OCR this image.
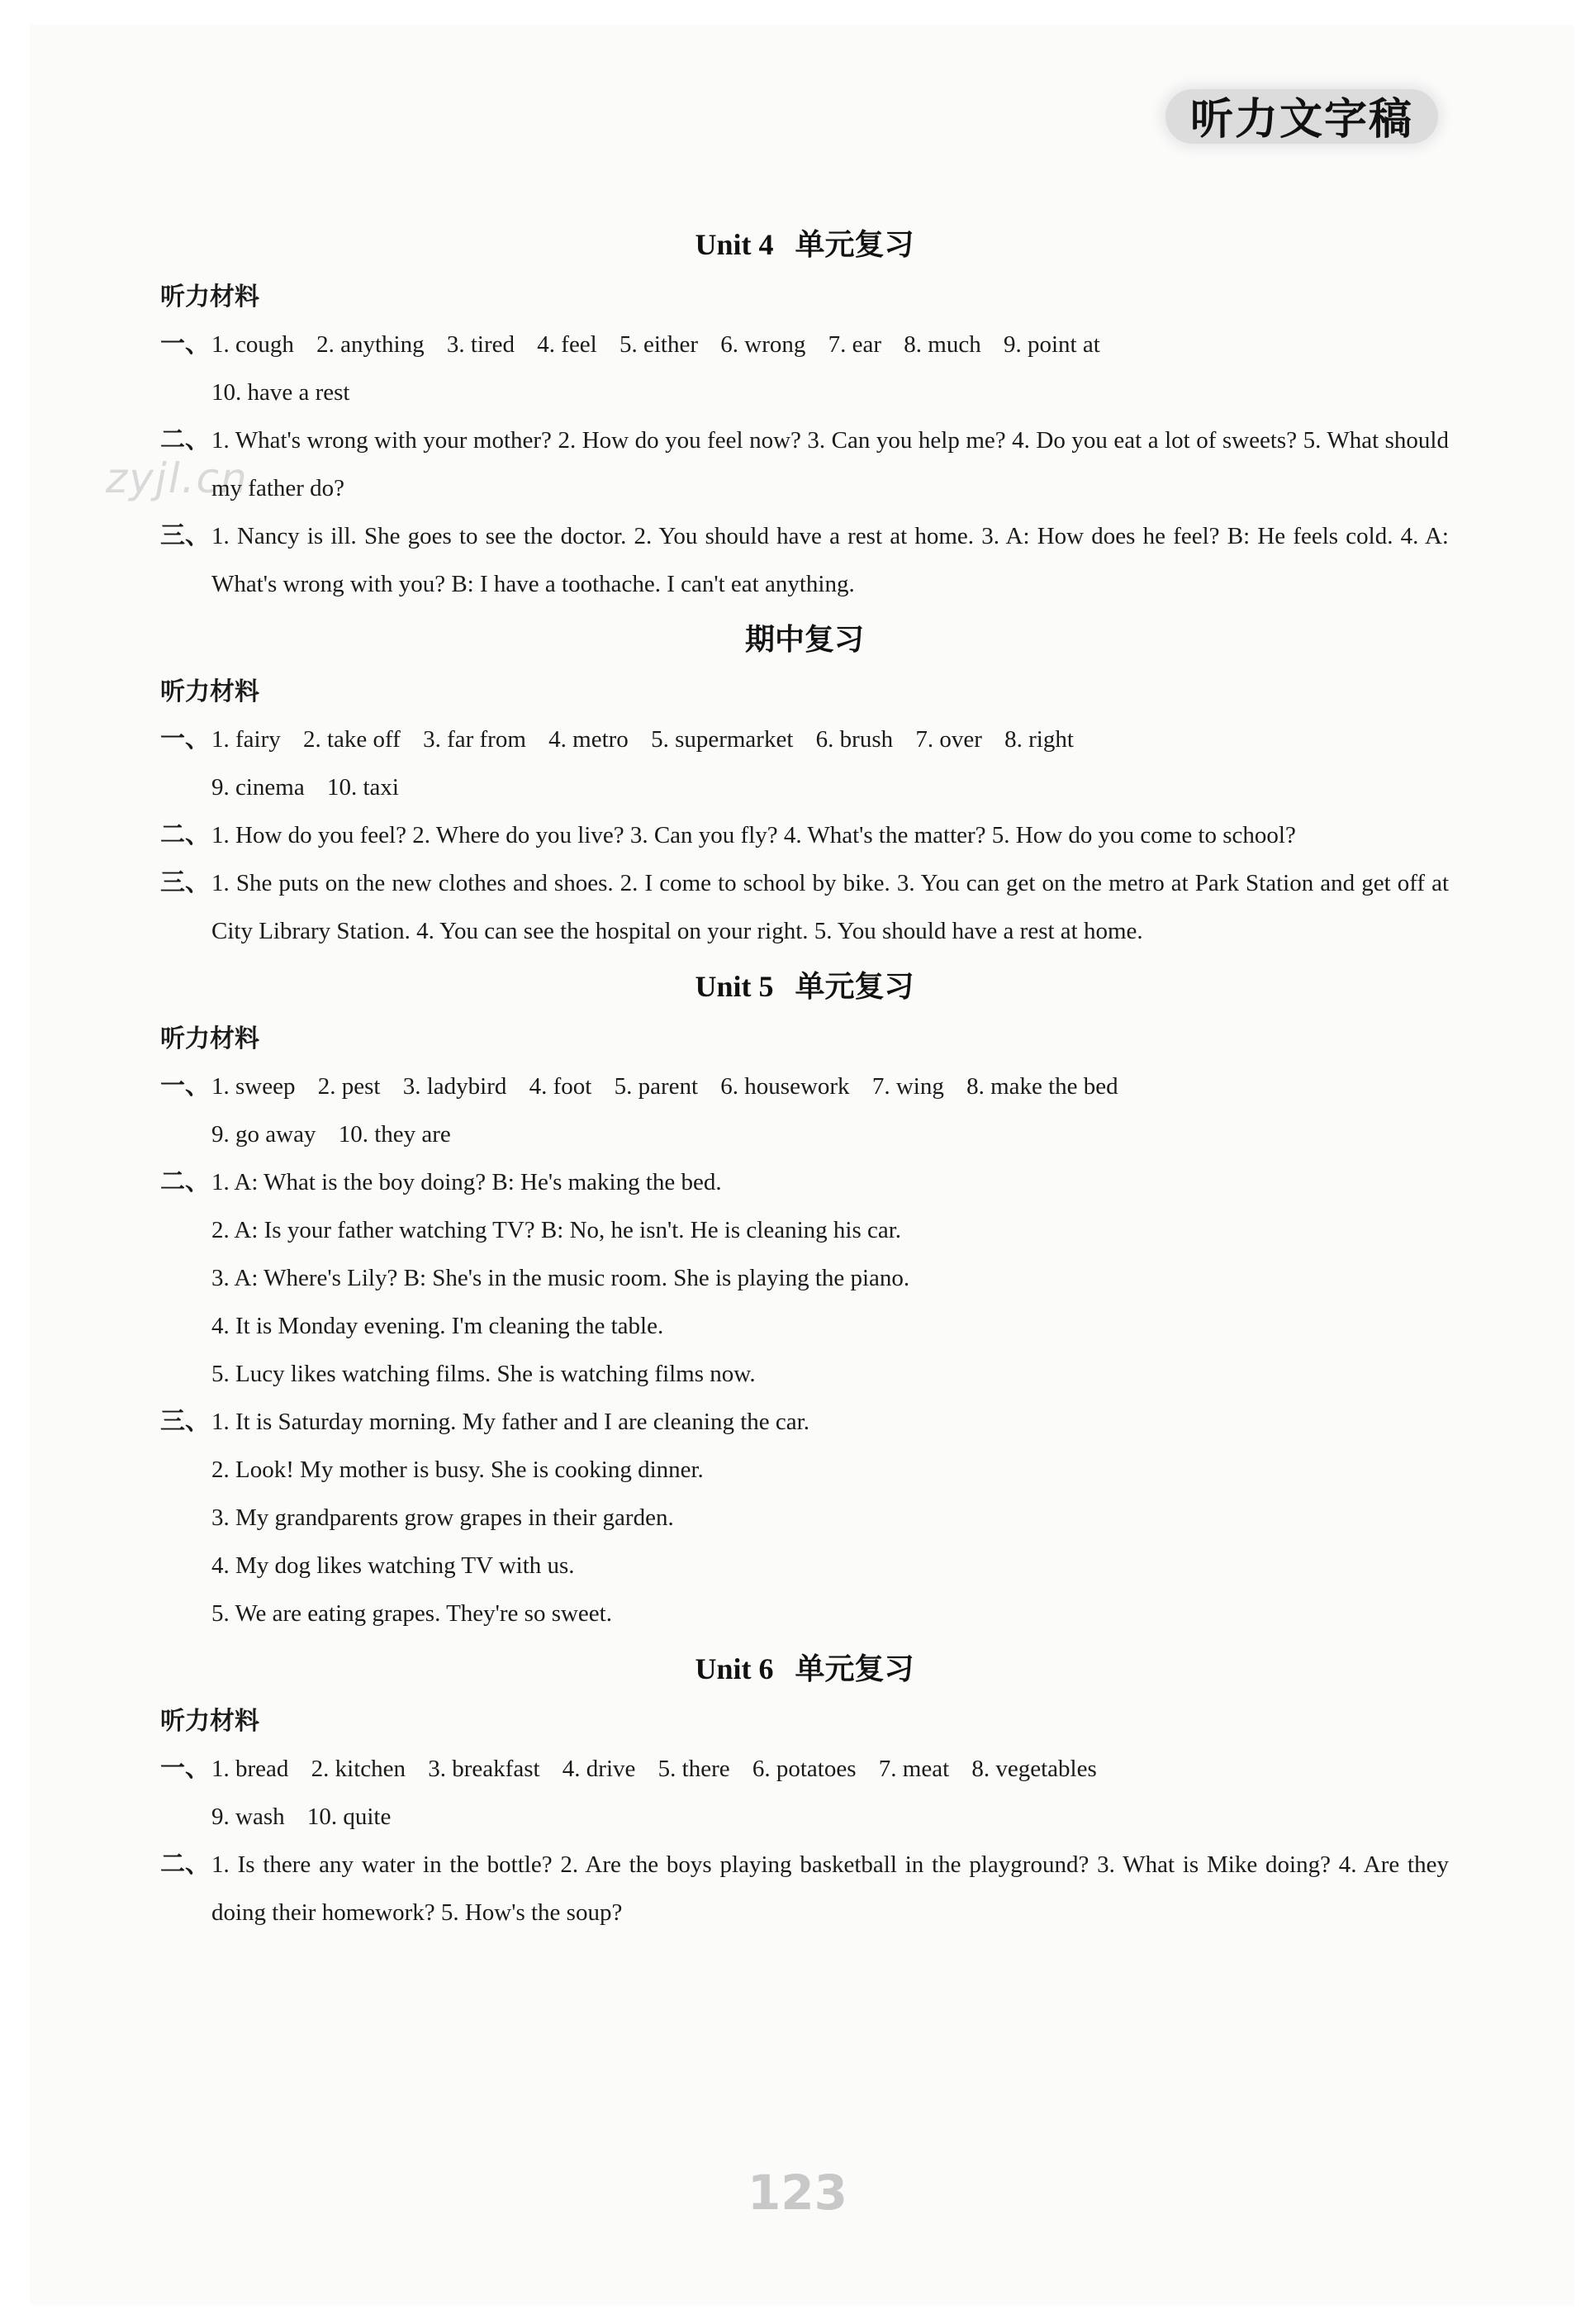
听力文字稿
zyjl.cn
Unit 4 单元复习
听力材料
一、 1. cough 2. anything 3. tired 4. feel 5. either 6. wrong 7. ear 8. much 9. point at
10. have a rest
二、 1. What's wrong with your mother? 2. How do you feel now? 3. Can you help me? 4. Do you eat a lot of sweets? 5. What should my father do?
三、 1. Nancy is ill. She goes to see the doctor. 2. You should have a rest at home. 3. A: How does he feel? B: He feels cold. 4. A: What's wrong with you? B: I have a toothache. I can't eat anything.
期中复习
听力材料
一、 1. fairy 2. take off 3. far from 4. metro 5. supermarket 6. brush 7. over 8. right
9. cinema 10. taxi
二、 1. How do you feel? 2. Where do you live? 3. Can you fly? 4. What's the matter? 5. How do you come to school?
三、 1. She puts on the new clothes and shoes. 2. I come to school by bike. 3. You can get on the metro at Park Station and get off at City Library Station. 4. You can see the hospital on your right. 5. You should have a rest at home.
Unit 5 单元复习
听力材料
一、 1. sweep 2. pest 3. ladybird 4. foot 5. parent 6. housework 7. wing 8. make the bed
9. go away 10. they are
二、 1. A: What is the boy doing? B: He's making the bed.
2. A: Is your father watching TV? B: No, he isn't. He is cleaning his car.
3. A: Where's Lily? B: She's in the music room. She is playing the piano.
4. It is Monday evening. I'm cleaning the table.
5. Lucy likes watching films. She is watching films now.
三、 1. It is Saturday morning. My father and I are cleaning the car.
2. Look! My mother is busy. She is cooking dinner.
3. My grandparents grow grapes in their garden.
4. My dog likes watching TV with us.
5. We are eating grapes. They're so sweet.
Unit 6 单元复习
听力材料
一、 1. bread 2. kitchen 3. breakfast 4. drive 5. there 6. potatoes 7. meat 8. vegetables
9. wash 10. quite
二、 1. Is there any water in the bottle? 2. Are the boys playing basketball in the playground? 3. What is Mike doing? 4. Are they doing their homework? 5. How's the soup?
123
